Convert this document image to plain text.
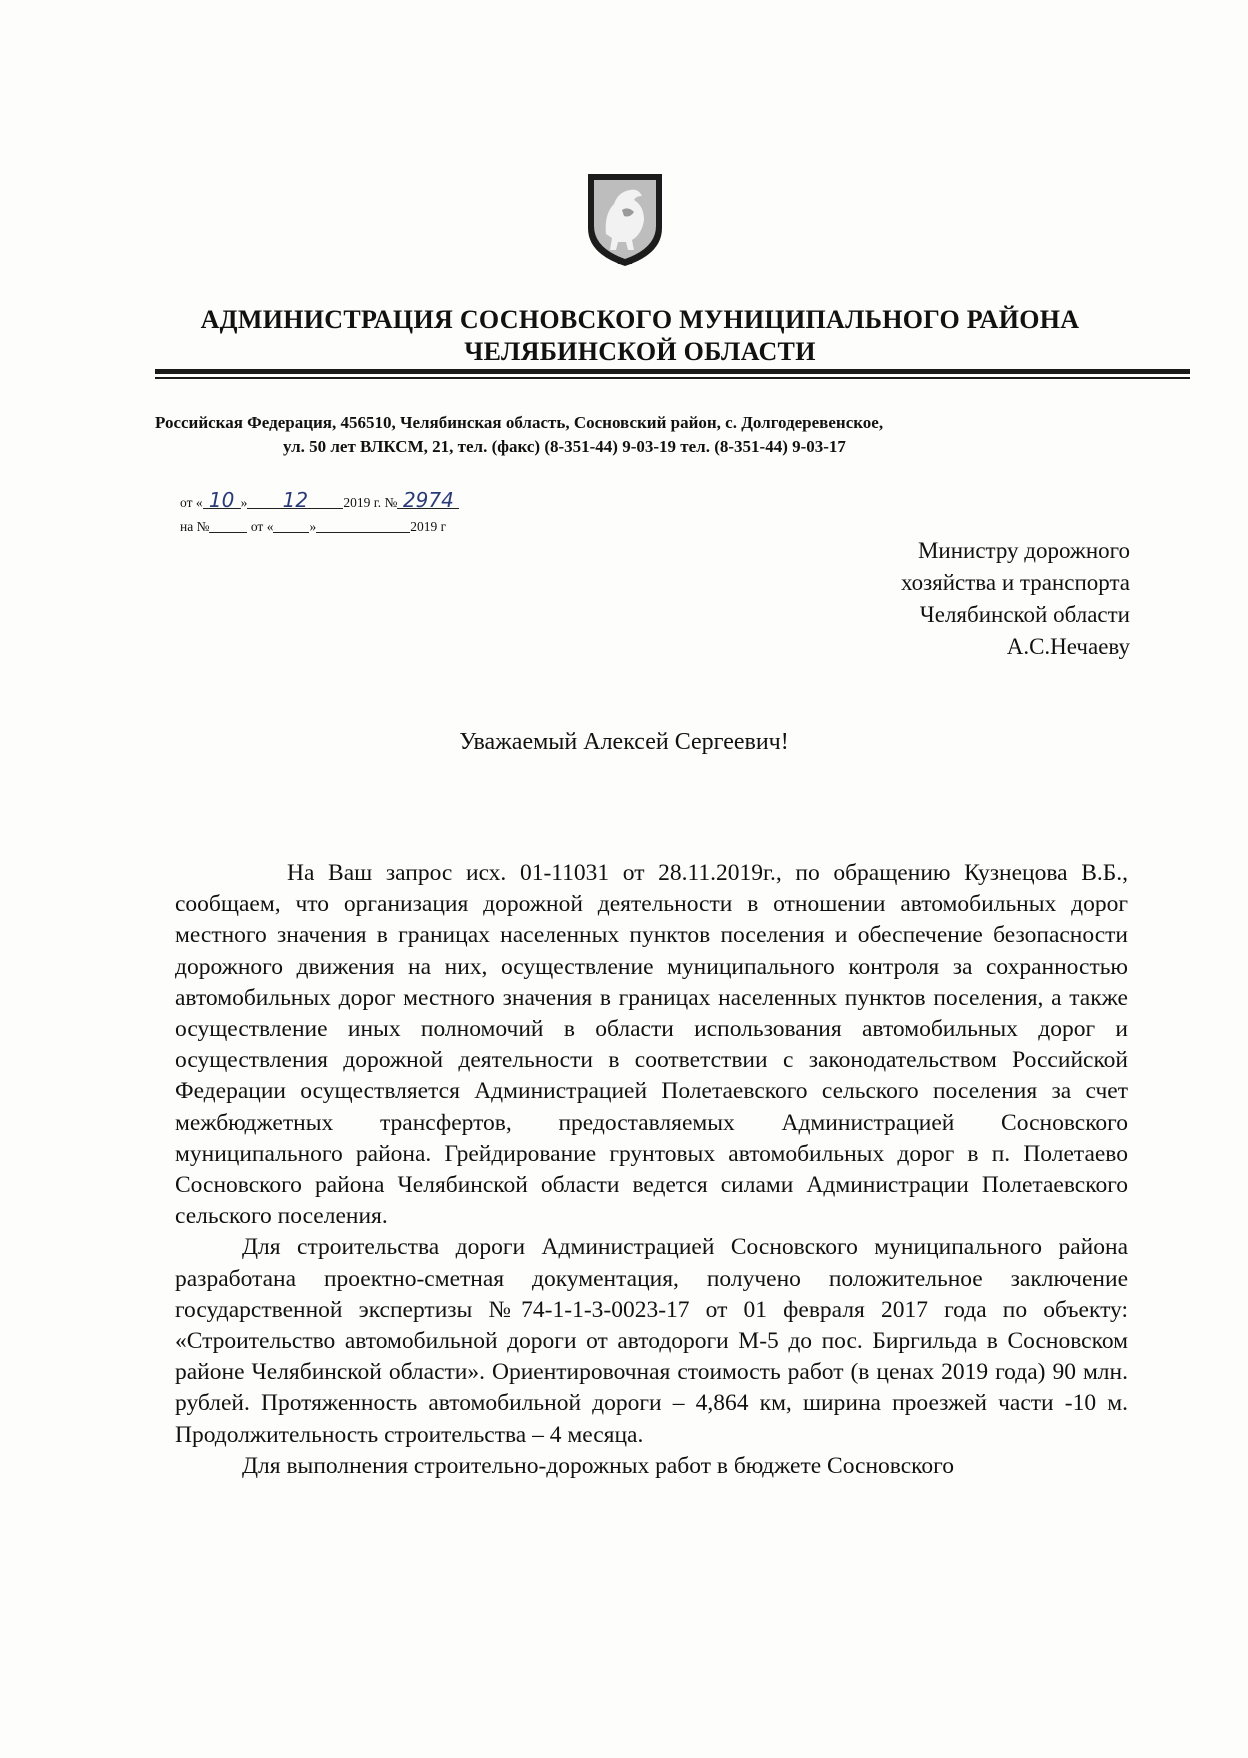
АДМИНИСТРАЦИЯ СОСНОВСКОГО МУНИЦИПАЛЬНОГО РАЙОНА
ЧЕЛЯБИНСКОЙ ОБЛАСТИ
Российская Федерация, 456510, Челябинская область, Сосновский район, с. Долгодеревенское,
ул. 50 лет ВЛКСМ, 21, тел. (факс) (8-351-44) 9-03-19 тел. (8-351-44) 9-03-17
от « 10 » 12	2019 г. № 2974
на №	от «	»	2019 г
Министру дорожного
хозяйства и транспорта
Челябинской области
А.С.Нечаеву
Уважаемый Алексей Сергеевич!

На Ваш запрос исх. 01-11031 от 28.11.2019г., по обращению Кузнецова В.Б., сообщаем, что организация дорожной деятельности в отношении автомобильных дорог местного значения в границах населенных пунктов поселения и обеспечение безопасности дорожного движения на них, осуществление муниципального контроля за сохранностью автомобильных дорог местного значения в границах населенных пунктов поселения, а также осуществление иных полномочий в области использования автомобильных дорог и осуществления дорожной деятельности в соответствии с законодательством Российской Федерации осуществляется Администрацией Полетаевского сельского поселения за счет межбюджетных трансфертов, предоставляемых Администрацией Сосновского муниципального района. Грейдирование грунтовых автомобильных дорог в п. Полетаево Сосновского района Челябинской области ведется силами Администрации Полетаевского сельского поселения.

Для строительства дороги Администрацией Сосновского муниципального района разработана проектно-сметная документация, получено положительное заключение государственной экспертизы №74-1-1-3-0023-17 от 01 февраля 2017 года по объекту: «Строительство автомобильной дороги от автодороги М-5 до пос. Биргильда в Сосновском районе Челябинской области». Ориентировочная стоимость работ (в ценах 2019 года) 90 млн. рублей. Протяженность автомобильной дороги – 4,864 км, ширина проезжей части -10 м. Продолжительность строительства – 4 месяца.

Для выполнения строительно-дорожных работ в бюджете Сосновского
